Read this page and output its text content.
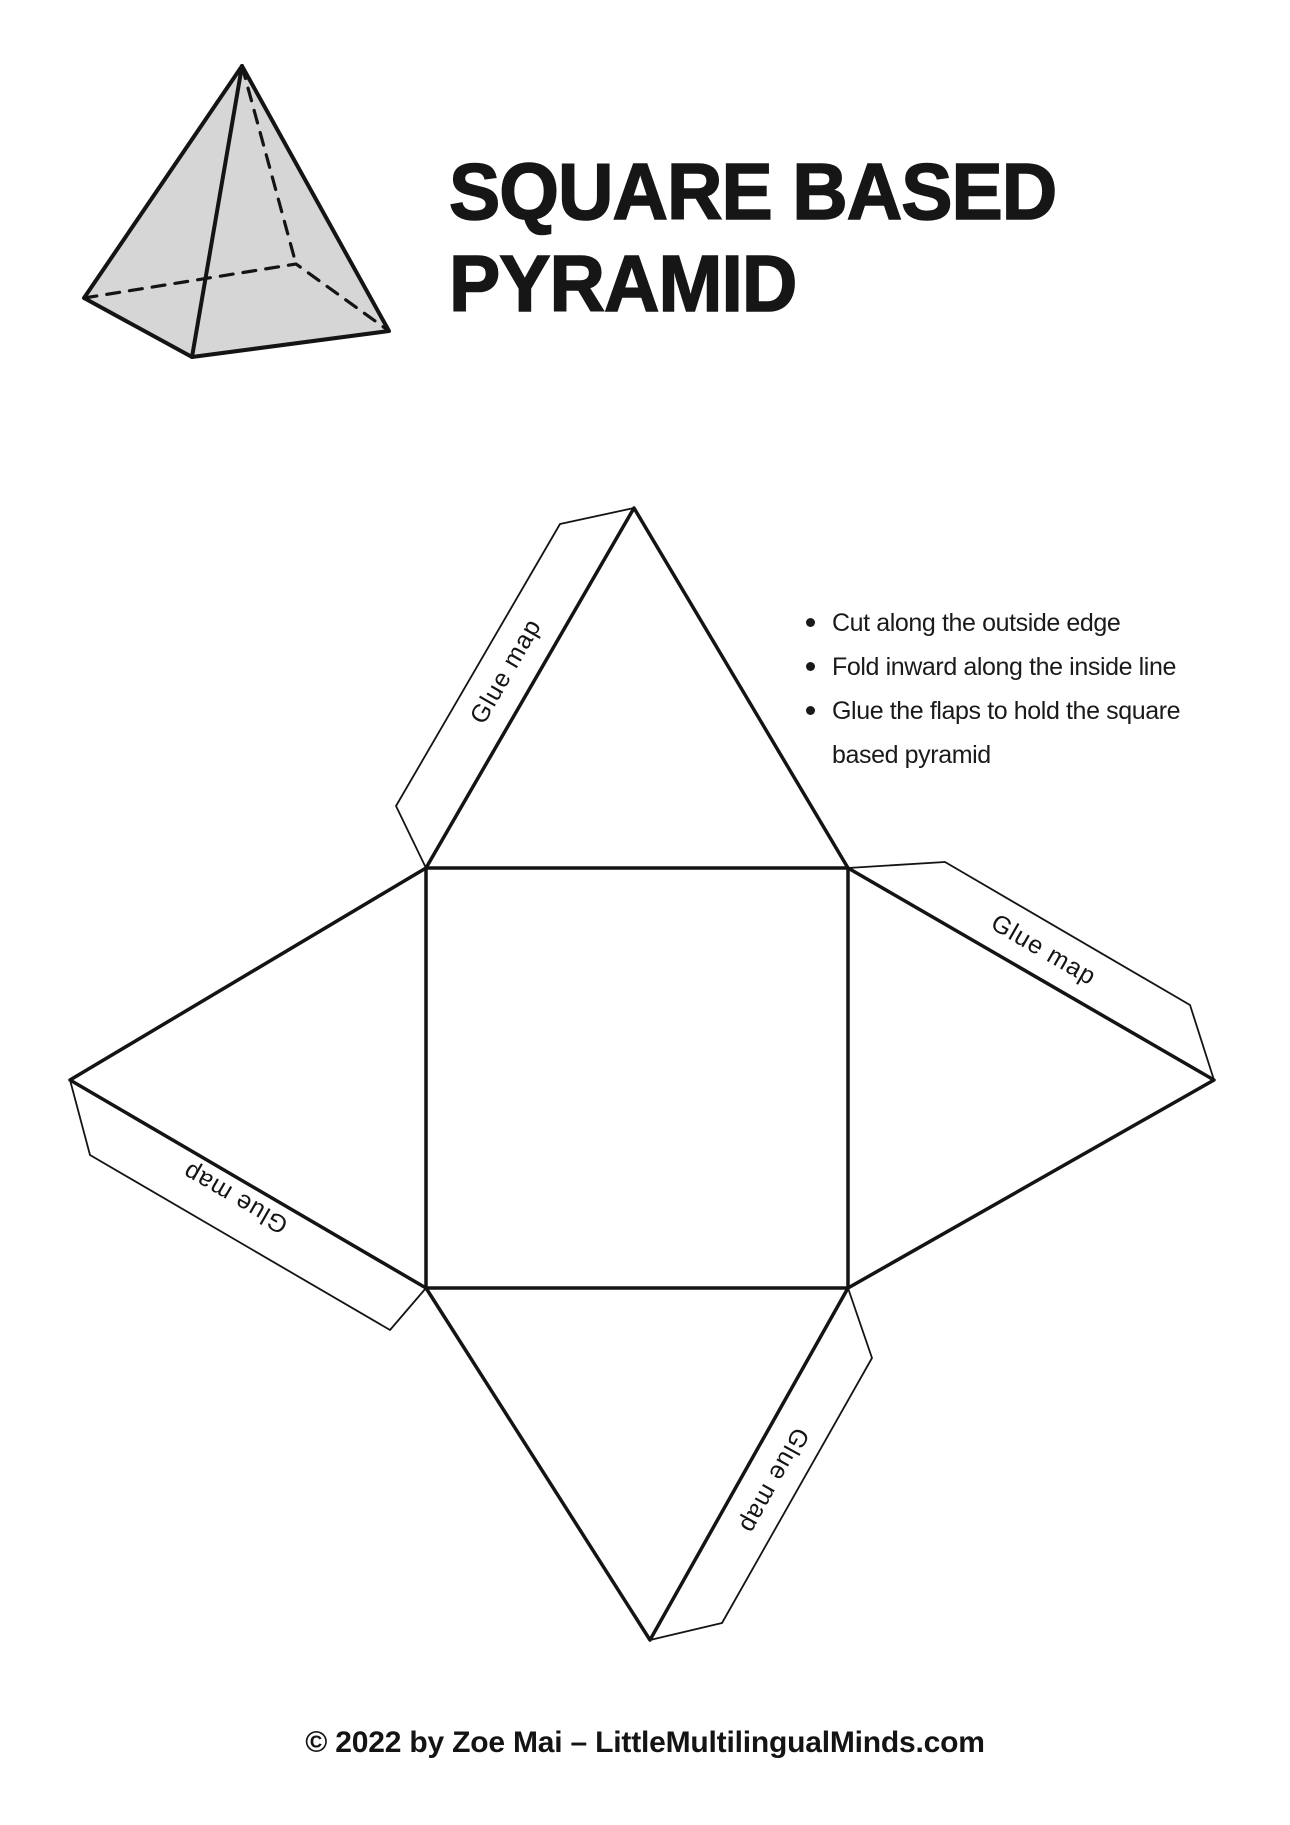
Glue map
Glue map
Glue map
Glue map
SQUARE BASED
PYRAMID
Cut along the outside edge
Fold inward along the inside line
Glue the flaps to hold the square
based pyramid
© 2022 by Zoe Mai – LittleMultilingualMinds.com
